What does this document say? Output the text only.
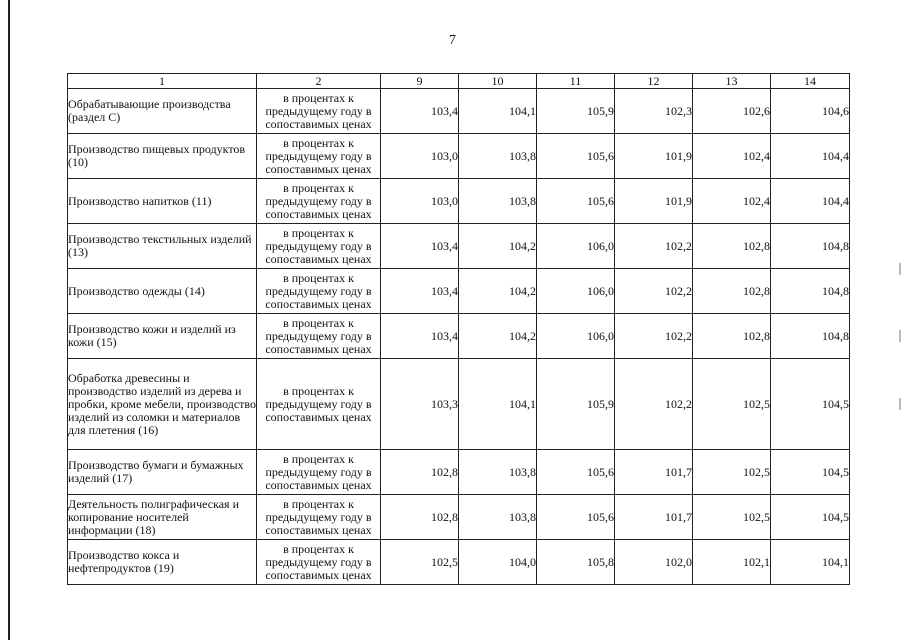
7
1	2	9	10	11	12	13	14
Обрабатывающие производства (раздел С)	в процентах к предыдущему году в сопоставимых ценах	103,4	104,1	105,9	102,3	102,6	104,6
Производство пищевых продуктов (10)	в процентах к предыдущему году в сопоставимых ценах	103,0	103,8	105,6	101,9	102,4	104,4
Производство напитков (11)	в процентах к предыдущему году в сопоставимых ценах	103,0	103,8	105,6	101,9	102,4	104,4
Производство текстильных изделий (13)	в процентах к предыдущему году в сопоставимых ценах	103,4	104,2	106,0	102,2	102,8	104,8
Производство одежды (14)	в процентах к предыдущему году в сопоставимых ценах	103,4	104,2	106,0	102,2	102,8	104,8
Производство кожи и изделий из кожи (15)	в процентах к предыдущему году в сопоставимых ценах	103,4	104,2	106,0	102,2	102,8	104,8
Обработка древесины и производство изделий из дерева и пробки, кроме мебели, производство изделий из соломки и материалов для плетения (16)	в процентах к предыдущему году в сопоставимых ценах	103,3	104,1	105,9	102,2	102,5	104,5
Производство бумаги и бумажных изделий (17)	в процентах к предыдущему году в сопоставимых ценах	102,8	103,8	105,6	101,7	102,5	104,5
Деятельность полиграфическая и копирование носителей информации (18)	в процентах к предыдущему году в сопоставимых ценах	102,8	103,8	105,6	101,7	102,5	104,5
Производство кокса и нефтепродуктов (19)	в процентах к предыдущему году в сопоставимых ценах	102,5	104,0	105,8	102,0	102,1	104,1
